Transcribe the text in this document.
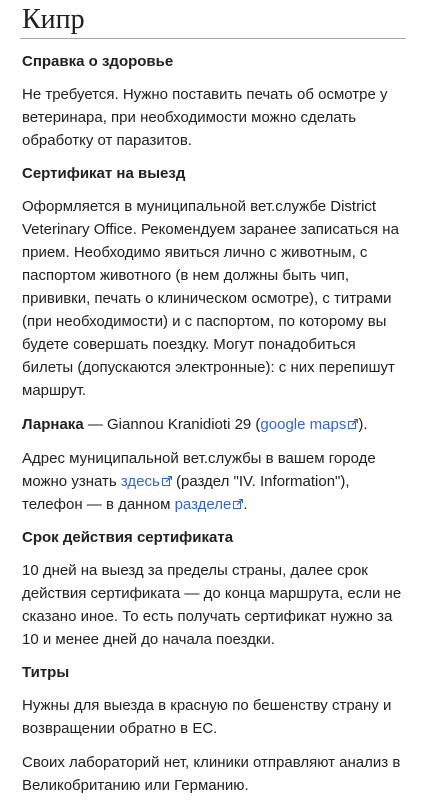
Кипр
Справка о здоровье

Не требуется. Нужно поставить печать об осмотре у ветеринара, при необходимости можно сделать обработку от паразитов.

Сертификат на выезд

Оформляется в муниципальной вет.службе District Veterinary Office. Рекомендуем заранее записаться на прием. Необходимо явиться лично с животным, с паспортом животного (в нем должны быть чип, прививки, печать о клиническом осмотре), с титрами (при необходимости) и с паспортом, по которому вы будете совершать поездку. Могут понадобиться билеты (допускаются электронные): с них перепишут маршрут.

Ларнака — Giannou Kranidioti 29 (google maps ).

Адрес муниципальной вет.службы в вашем городе можно узнать здесь
(раздел "IV. Information"), телефон — в данном разделе .

Срок действия сертификата

10 дней на выезд за пределы страны, далее срок действия сертификата — до конца маршрута, если не сказано иное. То есть получать сертификат нужно за 10 и менее дней до начала поездки.

Титры

Нужны для выезда в красную по бешенству страну и возвращении обратно в ЕС.

Своих лабораторий нет, клиники отправляют анализ в Великобританию или Германию.
